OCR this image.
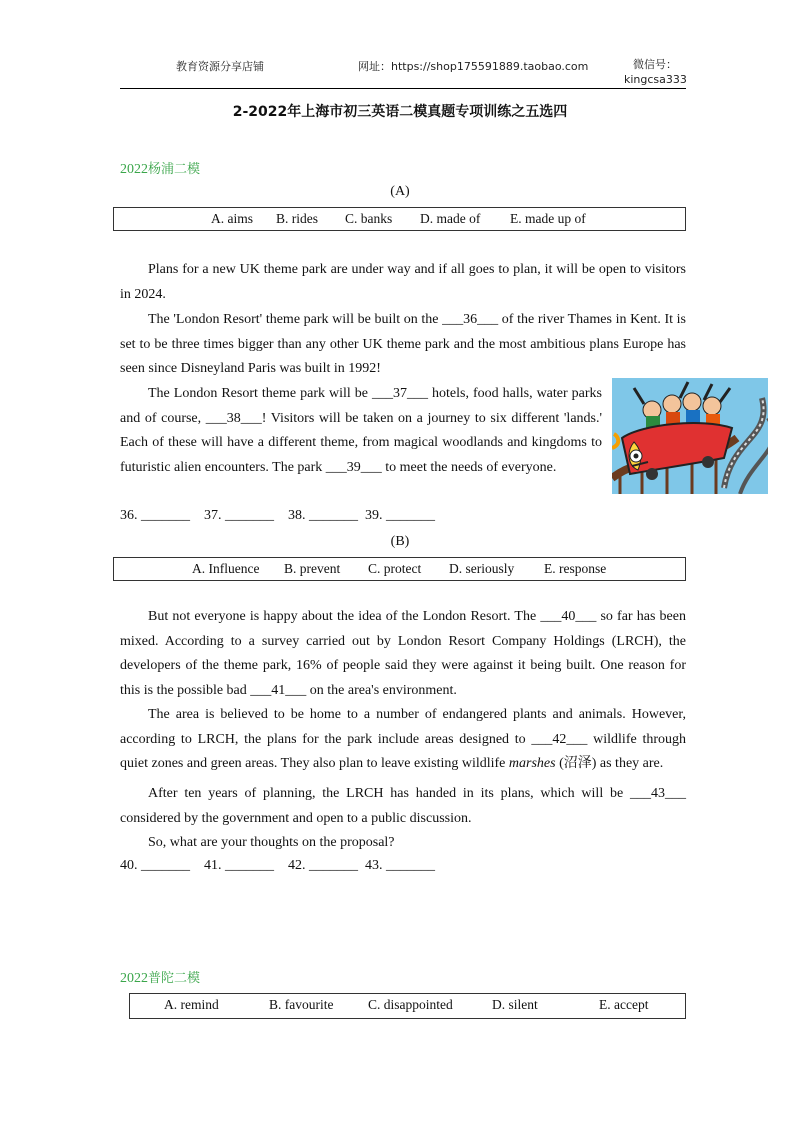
教育资源分享店铺	网址：https://shop175591889.taobao.com	微信号：
kingcsa333
2-2022年上海市初三英语二模真题专项训练之五选四
2022杨浦二模
(A)
A. aims B. rides C. banks D. made of E. made up of

Plans for a new UK theme park are under way and if all goes to plan, it will be open to visitors in 2024.

The 'London Resort' theme park will be built on the ___36___ of the river Thames in Kent. It is set to be three times bigger than any other UK theme park and the most ambitious plans Europe has seen since Disneyland Paris was built in 1992!

The London Resort theme park will be ___37___ hotels, food halls, water parks and of course, ___38___! Visitors will be taken on a journey to six different 'lands.' Each of these will have a different theme, from magical woodlands and kingdoms to futuristic alien encounters. The park ___39___ to meet the needs of everyone.

36. _______    37. _______    38. _______  39. _______
(B)
A. Influence B. prevent C. protect D. seriously E. response

But not everyone is happy about the idea of the London Resort. The ___40___ so far has been mixed. According to a survey carried out by London Resort Company Holdings (LRCH), the developers of the theme park, 16% of people said they were against it being built. One reason for this is the possible bad ___41___ on the area's environment.

The area is believed to be home to a number of endangered plants and animals. However, according to LRCH, the plans for the park include areas designed to ___42___ wildlife through quiet zones and green areas. They also plan to leave existing wildlife marshes (沼泽) as they are.

After ten years of planning, the LRCH has handed in its plans, which will be ___43___ considered by the government and open to a public discussion.

So, what are your thoughts on the proposal?

40. _______    41. _______    42. _______  43. _______
2022普陀二模
A. remind	B. favourite	C. disappointed	D. silent	E. accept
